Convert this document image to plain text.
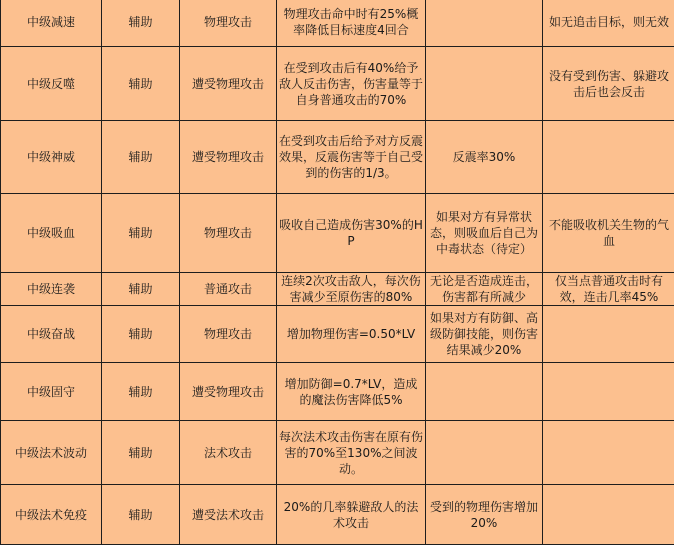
中级减速	辅助	物理攻击	物理攻击命中时有25%概率降低目标速度4回合		如无追击目标，则无效
中级反噬	辅助	遭受物理攻击	在受到攻击后有40%给予敌人反击伤害，伤害量等于自身普通攻击的70%		没有受到伤害、躲避攻击后也会反击
中级神威	辅助	遭受物理攻击	在受到攻击后给予对方反震效果，反震伤害等于自己受到的伤害的1/3。	反震率30%	
中级吸血	辅助	物理攻击	吸收自己造成伤害30%的HP	如果对方有异常状态，则吸血后自己为中毒状态（待定）	不能吸收机关生物的气血
中级连袭	辅助	普通攻击	连续2次攻击敌人，每次伤害减少至原伤害的80%	无论是否造成连击，伤害都有所减少	仅当点普通攻击时有效，连击几率45%
中级奋战	辅助	物理攻击	增加物理伤害=0.50*LV	如果对方有防御、高级防御技能，则伤害结果减少20%	
中级固守	辅助	遭受物理攻击	增加防御=0.7*LV，造成的魔法伤害降低5%		
中级法术波动	辅助	法术攻击	每次法术攻击伤害在原有伤害的70%至130%之间波动。		
中级法术免疫	辅助	遭受法术攻击	20%的几率躲避敌人的法术攻击	受到的物理伤害增加20%	
